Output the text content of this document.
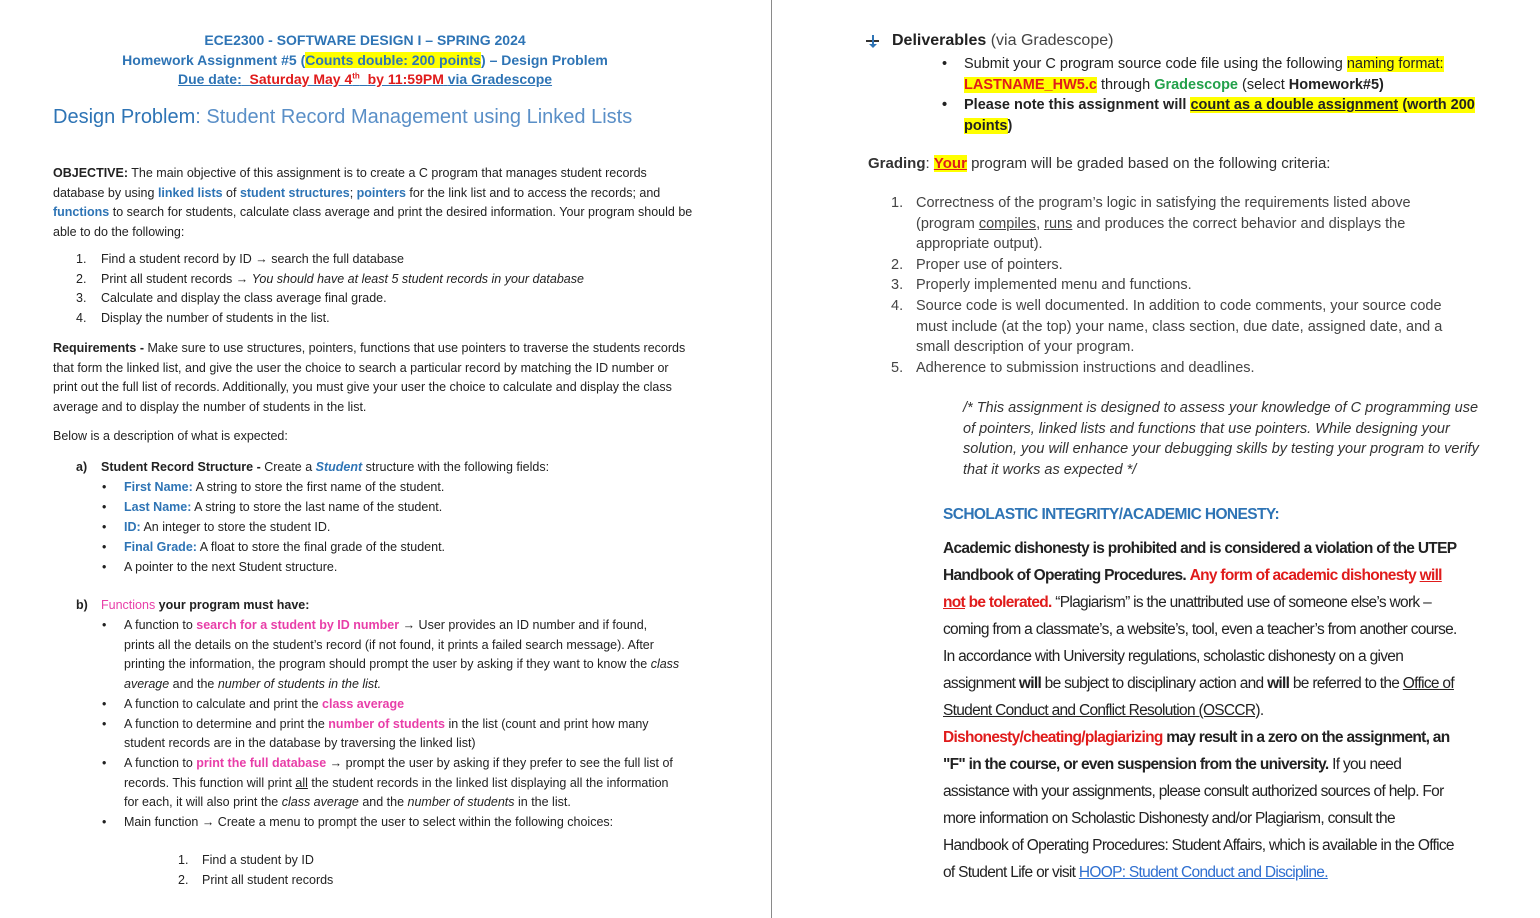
ECE2300 - SOFTWARE DESIGN I – SPRING 2024
Homework Assignment #5 (Counts double: 200 points) – Design Problem
Due date: Saturday May 4th by 11:59PM via Gradescope
Design Problem: Student Record Management using Linked Lists

OBJECTIVE: The main objective of this assignment is to create a C program that manages student records database by using linked lists of student structures; pointers for the link list and to access the records; and functions to search for students, calculate class average and print the desired information. Your program should be able to do the following:

1. Find a student record by ID → search the full database
2. Print all student records → You should have at least 5 student records in your database
3. Calculate and display the class average final grade.
4. Display the number of students in the list.

Requirements - Make sure to use structures, pointers, functions that use pointers to traverse the students records that form the linked list, and give the user the choice to search a particular record by matching the ID number or print out the full list of records. Additionally, you must give your user the choice to calculate and display the class average and to display the number of students in the list.

Below is a description of what is expected:
a) Student Record Structure - Create a Student structure with the following fields:
• First Name: A string to store the first name of the student.
• Last Name: A string to store the last name of the student.
• ID: An integer to store the student ID.
• Final Grade: A float to store the final grade of the student.
• A pointer to the next Student structure.
b) Functions your program must have:
• A function to search for a student by ID number → User provides an ID number and if found, prints all the details on the student’s record (if not found, it prints a failed search message). After printing the information, the program should prompt the user by asking if they want to know the class average and the number of students in the list.
• A function to calculate and print the class average
• A function to determine and print the number of students in the list (count and print how many student records are in the database by traversing the linked list)
• A function to print the full database → prompt the user by asking if they prefer to see the full list of records. This function will print all the student records in the linked list displaying all the information for each, it will also print the class average and the number of students in the list.
• Main function → Create a menu to prompt the user to select within the following choices:
1. Find a student by ID
2. Print all student records
Deliverables (via Gradescope)
• Submit your C program source code file using the following naming format: LASTNAME_HW5.c through Gradescope (select Homework#5)
• Please note this assignment will count as a double assignment (worth 200 points)
Grading: Your program will be graded based on the following criteria:
1. Correctness of the program’s logic in satisfying the requirements listed above (program compiles, runs and produces the correct behavior and displays the appropriate output).
2. Proper use of pointers.
3. Properly implemented menu and functions.
4. Source code is well documented. In addition to code comments, your source code must include (at the top) your name, class section, due date, assigned date, and a small description of your program.
5. Adherence to submission instructions and deadlines.
/* This assignment is designed to assess your knowledge of C programming use of pointers, linked lists and functions that use pointers. While designing your solution, you will enhance your debugging skills by testing your program to verify that it works as expected */
SCHOLASTIC INTEGRITY/ACADEMIC HONESTY:

Academic dishonesty is prohibited and is considered a violation of the UTEP Handbook of Operating Procedures. Any form of academic dishonesty will not be tolerated. “Plagiarism” is the unattributed use of someone else’s work – coming from a classmate’s, a website’s, tool, even a teacher’s from another course. In accordance with University regulations, scholastic dishonesty on a given assignment will be subject to disciplinary action and will be referred to the Office of Student Conduct and Conflict Resolution (OSCCR).

Dishonesty/cheating/plagiarizing may result in a zero on the assignment, an "F" in the course, or even suspension from the university. If you need assistance with your assignments, please consult authorized sources of help. For more information on Scholastic Dishonesty and/or Plagiarism, consult the Handbook of Operating Procedures: Student Affairs, which is available in the Office of Student Life or visit HOOP: Student Conduct and Discipline.
